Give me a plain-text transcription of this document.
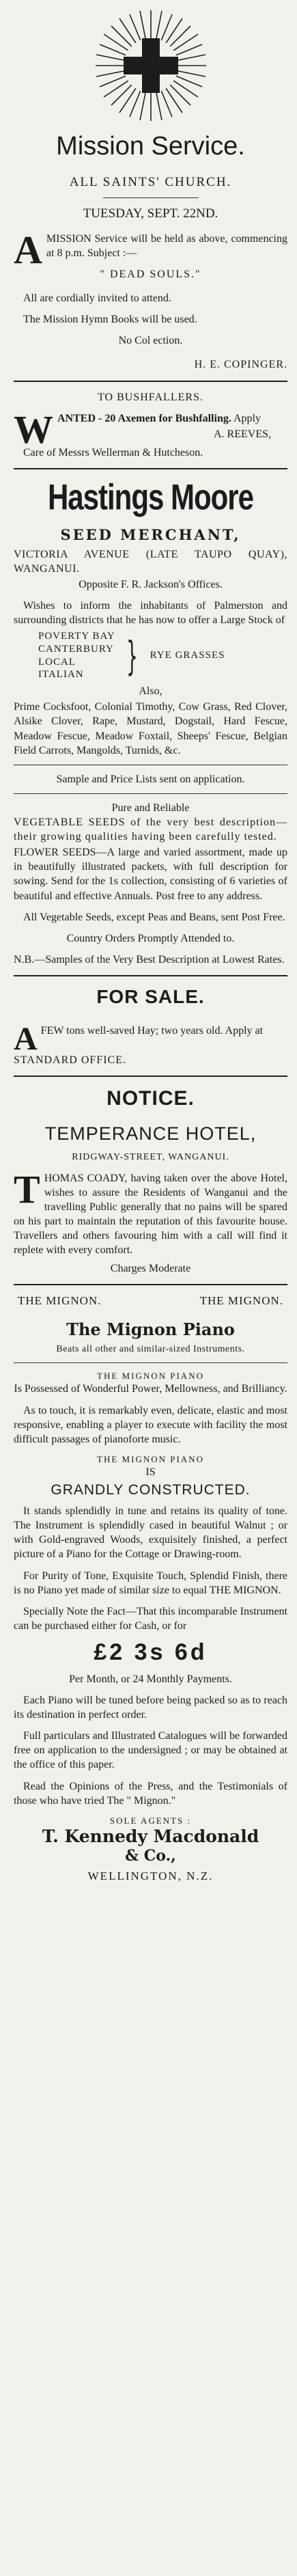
Mission Service.
ALL SAINTS' CHURCH.
TUESDAY, SEPT. 22ND.

AMISSION Service will be held as above, commencing at 8 p.m. Subject :—

" DEAD SOULS."

All are cordially invited to attend.

The Mission Hymn Books will be used.

No Col ection.
H. E. COPINGER.
TO BUSHFALLERS.

WANTED - 20 Axemen for Bushfalling. Apply

A. REEVES,
Care of Messrs Wellerman & Hutcheson.
Hastings Moore
SEED MERCHANT,
VICTORIA AVENUE (LATE TAUPO QUAY), WANGANUI.
Opposite F. R. Jackson's Offices.

Wishes to inform the inhabitants of Palmerston and surrounding districts that he has now to offer a Large Stock of

POVERTY BAY
CANTERBURY
LOCAL
ITALIAN	} RYE GRASSES
Also,

Prime Cocksfoot, Colonial Timothy, Cow Grass, Red Clover, Alsike Clover, Rape, Mustard, Dogstail, Hard Fescue, Meadow Fescue, Meadow Foxtail, Sheeps' Fescue, Belgian Field Carrots, Mangolds, Turnids, &c.

Sample and Price Lists sent on application.
Pure and Reliable

VEGETABLE SEEDS of the very best description—their growing qualities having been carefully tested.

FLOWER SEEDS—A large and varied assortment, made up in beautifully illustrated packets, with full description for sowing. Send for the 1s collection, consisting of 6 varieties of beautiful and effective Annuals. Post free to any address.

All Vegetable Seeds, except Peas and Beans, sent Post Free.

Country Orders Promptly Attended to.

N.B.—Samples of the Very Best Description at Lowest Rates.

FOR SALE.

AFEW tons well-saved Hay; two years old. Apply at

STANDARD OFFICE.
NOTICE.
TEMPERANCE HOTEL,
RIDGWAY-STREET, WANGANUI.

THOMAS COADY, having taken over the above Hotel, wishes to assure the Residents of Wanganui and the travelling Public generally that no pains will be spared on his part to maintain the reputation of this favourite house. Travellers and others favouring him with a call will find it replete with every comfort.

Charges Moderate
THE MIGNON.	THE MIGNON.
The Mignon Piano
Beats all other and similar-sized Instruments.
THE MIGNON PIANO

Is Possessed of Wonderful Power, Mellowness, and Brilliancy.

As to touch, it is remarkably even, delicate, elastic and most responsive, enabling a player to execute with facility the most difficult passages of pianoforte music.

THE MIGNON PIANO
IS
GRANDLY CONSTRUCTED.

It stands splendidly in tune and retains its quality of tone. The Instrument is splendidly cased in beautiful Walnut ; or with Gold-engraved Woods, exquisitely finished, a perfect picture of a Piano for the Cottage or Drawing-room.

For Purity of Tone, Exquisite Touch, Splendid Finish, there is no Piano yet made of similar size to equal THE MIGNON.

Specially Note the Fact—That this incomparable Instrument can be purchased either for Cash, or for

£2 3s 6d

Per Month, or 24 Monthly Payments.

Each Piano will be tuned before being packed so as to reach its destination in perfect order.

Full particulars and Illustrated Catalogues will be forwarded free on application to the undersigned ; or may be obtained at the office of this paper.

Read the Opinions of the Press, and the Testimonials of those who have tried The " Mignon."

SOLE AGENTS :
T. Kennedy Macdonald
& Co.,
WELLINGTON, N.Z.
